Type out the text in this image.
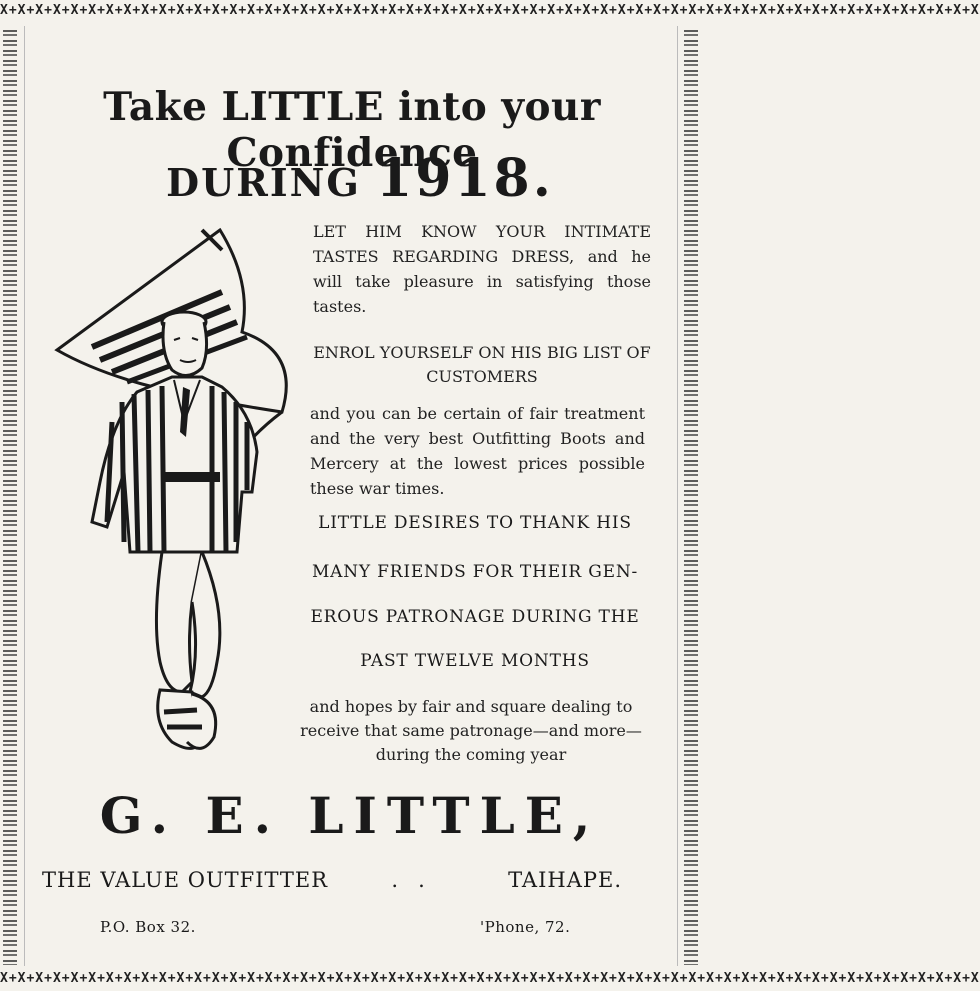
X+X+X+X+X+X+X+X+X+X+X+X+X+X+X+X+X+X+X+X+X+X+X+X+X+X+X+X+X+X+X+X+X+X+X+X+X+X+X+X+X+X+X+X+X+X+X+X+X+X+X+X+X+X+X+X
Take LITTLE into your Confidence
DURING 1918.
LET HIM KNOW YOUR INTIMATE TASTES REGARDING DRESS, and he will take pleasure in satisfying those tastes.
ENROL YOURSELF ON HIS BIG LIST OF CUSTOMERS
and you can be certain of fair treatment and the very best Outfitting Boots and Mercery at the lowest prices possible these war times.
LITTLE DESIRES TO THANK HIS
MANY FRIENDS FOR THEIR GEN-
EROUS PATRONAGE DURING THE
PAST TWELVE MONTHS
and hopes by fair and square dealing to receive that same patronage—and more—during the coming year
G. E. LITTLE,
THE VALUE OUTFITTER	..	TAIHAPE.
P.O. Box 32.	'Phone, 72.
X+X+X+X+X+X+X+X+X+X+X+X+X+X+X+X+X+X+X+X+X+X+X+X+X+X+X+X+X+X+X+X+X+X+X+X+X+X+X+X+X+X+X+X+X+X+X+X+X+X+X+X+X+X+X+X
